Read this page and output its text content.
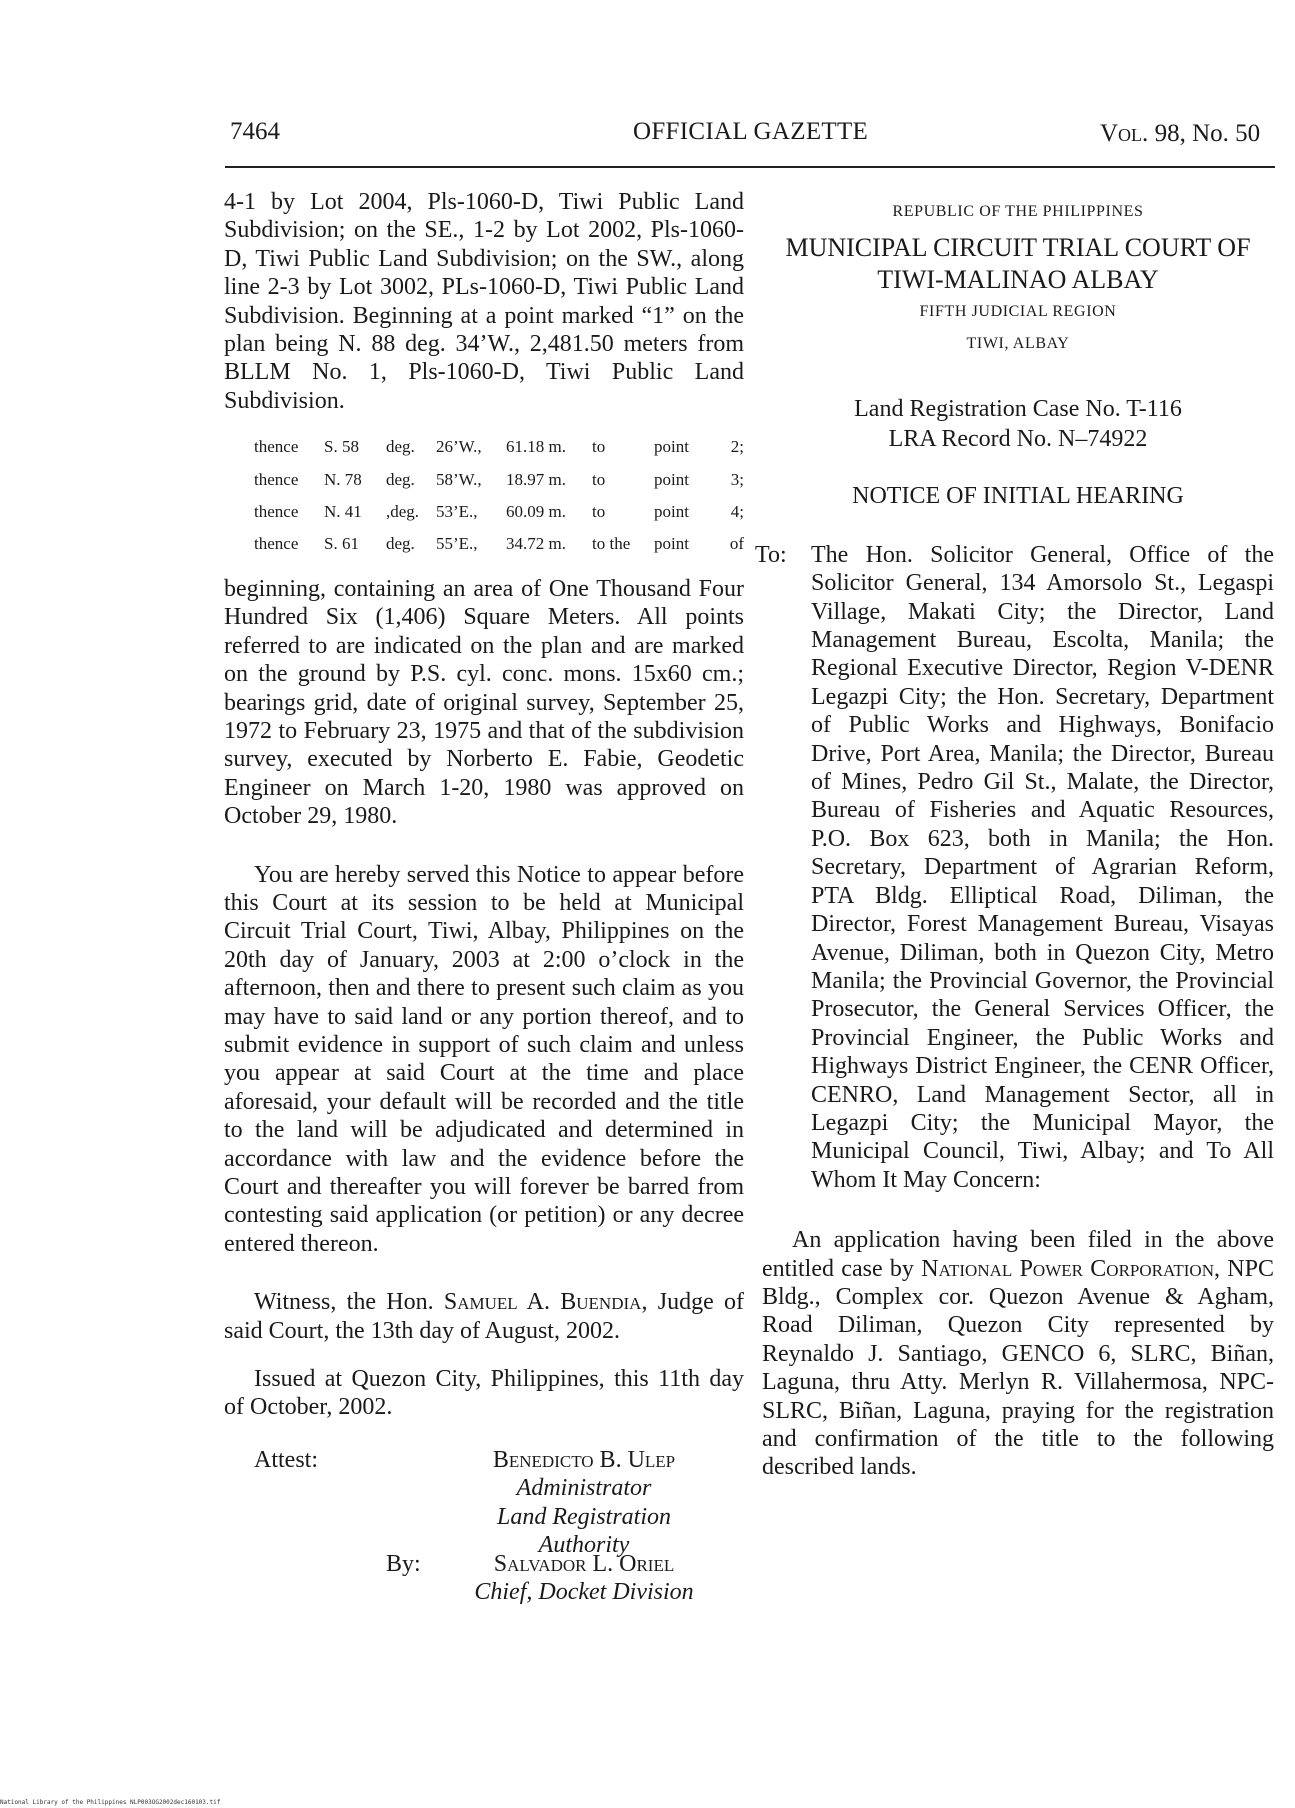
7464	OFFICIAL GAZETTE	Vol. 98, No. 50

4-1 by Lot 2004, Pls-1060-D, Tiwi Public Land Subdivision; on the SE., 1-2 by Lot 2002, Pls-1060-D, Tiwi Public Land Subdivision; on the SW., along line 2-3 by Lot 3002, PLs-1060-D, Tiwi Public Land Subdivision. Beginning at a point marked “1” on the plan being N. 88 deg. 34’W., 2,481.50 meters from BLLM No. 1, Pls-1060-D, Tiwi Public Land Subdivision.

thence	S. 58	deg.	26’W.,	61.18 m.	to	point	2;
thence	N. 78	deg.	58’W.,	18.97 m.	to	point	3;
thence	N. 41	,deg.	53’E.,	60.09 m.	to	point	4;
thence	S. 61	deg.	55’E.,	34.72 m.	to the	point	of

beginning, containing an area of One Thousand Four Hundred Six (1,406) Square Meters. All points referred to are indicated on the plan and are marked on the ground by P.S. cyl. conc. mons. 15x60 cm.; bearings grid, date of original survey, September 25, 1972 to February 23, 1975 and that of the subdivision survey, executed by Norberto E. Fabie, Geodetic Engineer on March 1-20, 1980 was approved on October 29, 1980.

You are hereby served this Notice to appear before this Court at its session to be held at Municipal Circuit Trial Court, Tiwi, Albay, Philippines on the 20th day of January, 2003 at 2:00 o’clock in the afternoon, then and there to present such claim as you may have to said land or any portion thereof, and to submit evidence in support of such claim and unless you appear at said Court at the time and place aforesaid, your default will be recorded and the title to the land will be adjudicated and determined in accordance with law and the evidence before the Court and thereafter you will forever be barred from contesting said application (or petition) or any decree entered thereon.

Witness, the Hon. Samuel A. Buendia, Judge of said Court, the 13th day of August, 2002.

Issued at Quezon City, Philippines, this 11th day of October, 2002.

Attest:	Benedicto B. Ulep
Administrator
Land Registration Authority
By:	Salvador L. Oriel
Chief, Docket Division
REPUBLIC OF THE PHILIPPINES
MUNICIPAL CIRCUIT TRIAL COURT OF
TIWI-MALINAO ALBAY
FIFTH JUDICIAL REGION
TIWI, ALBAY
Land Registration Case No. T-116
LRA Record No. N–74922
NOTICE OF INITIAL HEARING
To:	The Hon. Solicitor General, Office of the Solicitor General, 134 Amorsolo St., Legaspi Village, Makati City; the Director, Land Management Bureau, Escolta, Manila; the Regional Executive Director, Region V-DENR Legazpi City; the Hon. Secretary, Department of Public Works and Highways, Bonifacio Drive, Port Area, Manila; the Director, Bureau of Mines, Pedro Gil St., Malate, the Director, Bureau of Fisheries and Aquatic Resources, P.O. Box 623, both in Manila; the Hon. Secretary, Department of Agrarian Reform, PTA Bldg. Elliptical Road, Diliman, the Director, Forest Management Bureau, Visayas Avenue, Diliman, both in Quezon City, Metro Manila; the Provincial Governor, the Provincial Prosecutor, the General Services Officer, the Provincial Engineer, the Public Works and Highways District Engineer, the CENR Officer, CENRO, Land Management Sector, all in Legazpi City; the Municipal Mayor, the Municipal Council, Tiwi, Albay; and To All Whom It May Concern:

An application having been filed in the above entitled case by National Power Corporation, NPC Bldg., Complex cor. Quezon Avenue & Agham, Road Diliman, Quezon City represented by Reynaldo J. Santiago, GENCO 6, SLRC, Biñan, Laguna, thru Atty. Merlyn R. Villahermosa, NPC-SLRC, Biñan, Laguna, praying for the registration and confirmation of the title to the following described lands.

National Library of the Philippines NLP003OG2002dec160103.tif
